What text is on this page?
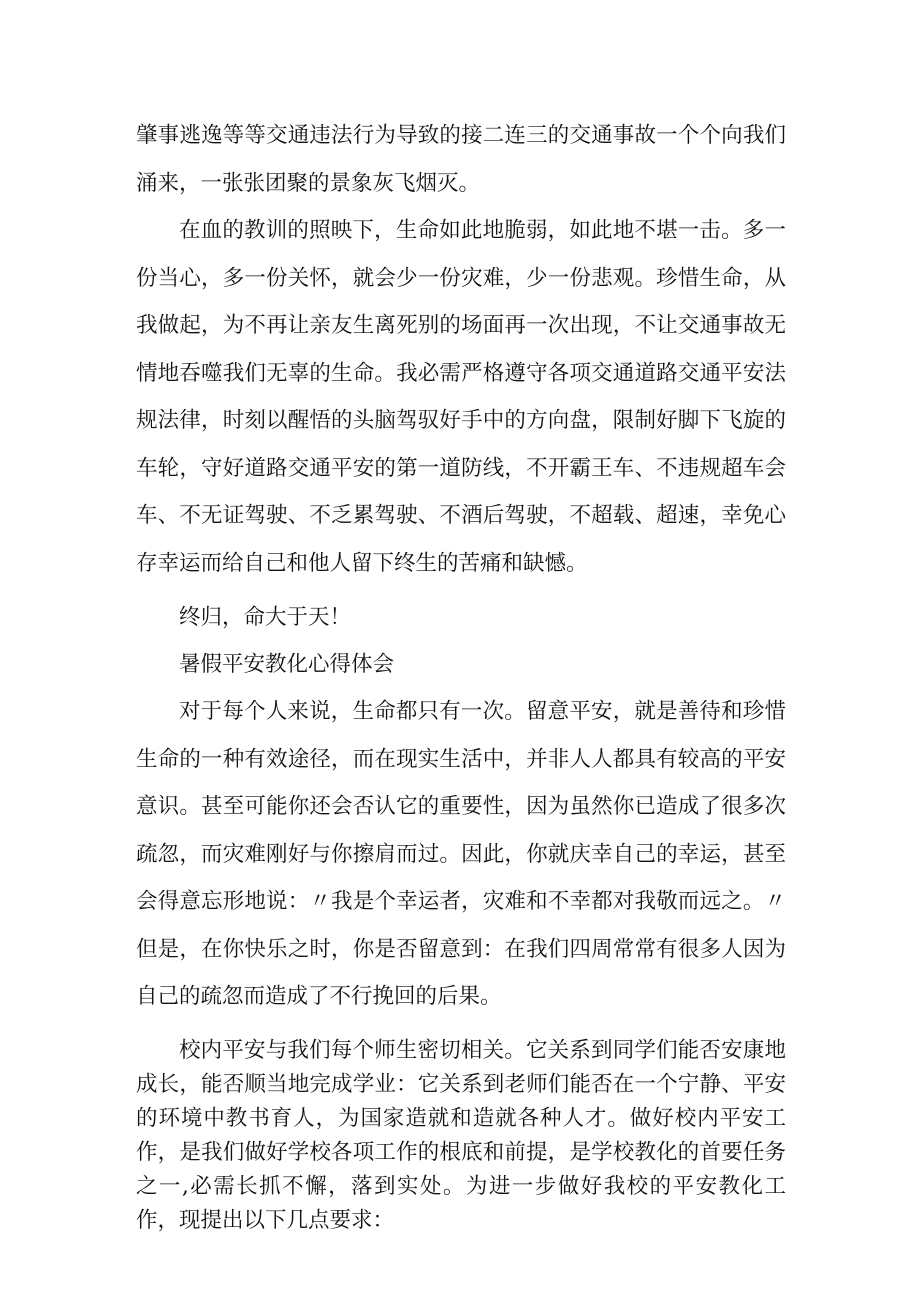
肇事逃逸等等交通违法行为导致的接二连三的交通事故一个个向我们涌来，一张张团聚的景象灰飞烟灭。

在血的教训的照映下，生命如此地脆弱，如此地不堪一击。多一份当心，多一份关怀，就会少一份灾难，少一份悲观。珍惜生命，从我做起，为不再让亲友生离死别的场面再一次出现，不让交通事故无情地吞噬我们无辜的生命。我必需严格遵守各项交通道路交通平安法规法律，时刻以醒悟的头脑驾驭好手中的方向盘，限制好脚下飞旋的车轮，守好道路交通平安的第一道防线，不开霸王车、不违规超车会车、不无证驾驶、不乏累驾驶、不酒后驾驶，不超载、超速，幸免心存幸运而给自己和他人留下终生的苦痛和缺憾。

终归，命大于天！

暑假平安教化心得体会

对于每个人来说，生命都只有一次。留意平安，就是善待和珍惜生命的一种有效途径，而在现实生活中，并非人人都具有较高的平安意识。甚至可能你还会否认它的重要性，因为虽然你已造成了很多次疏忽，而灾难刚好与你擦肩而过。因此，你就庆幸自己的幸运，甚至会得意忘形地说：〃我是个幸运者，灾难和不幸都对我敬而远之。〃但是，在你快乐之时，你是否留意到：在我们四周常常有很多人因为自己的疏忽而造成了不行挽回的后果。

校内平安与我们每个师生密切相关。它关系到同学们能否安康地成长，能否顺当地完成学业：它关系到老师们能否在一个宁静、平安的环境中教书育人，为国家造就和造就各种人才。做好校内平安工作，是我们做好学校各项工作的根底和前提，是学校教化的首要任务之一,必需长抓不懈，落到实处。为进一步做好我校的平安教化工作，现提出以下几点要求：
